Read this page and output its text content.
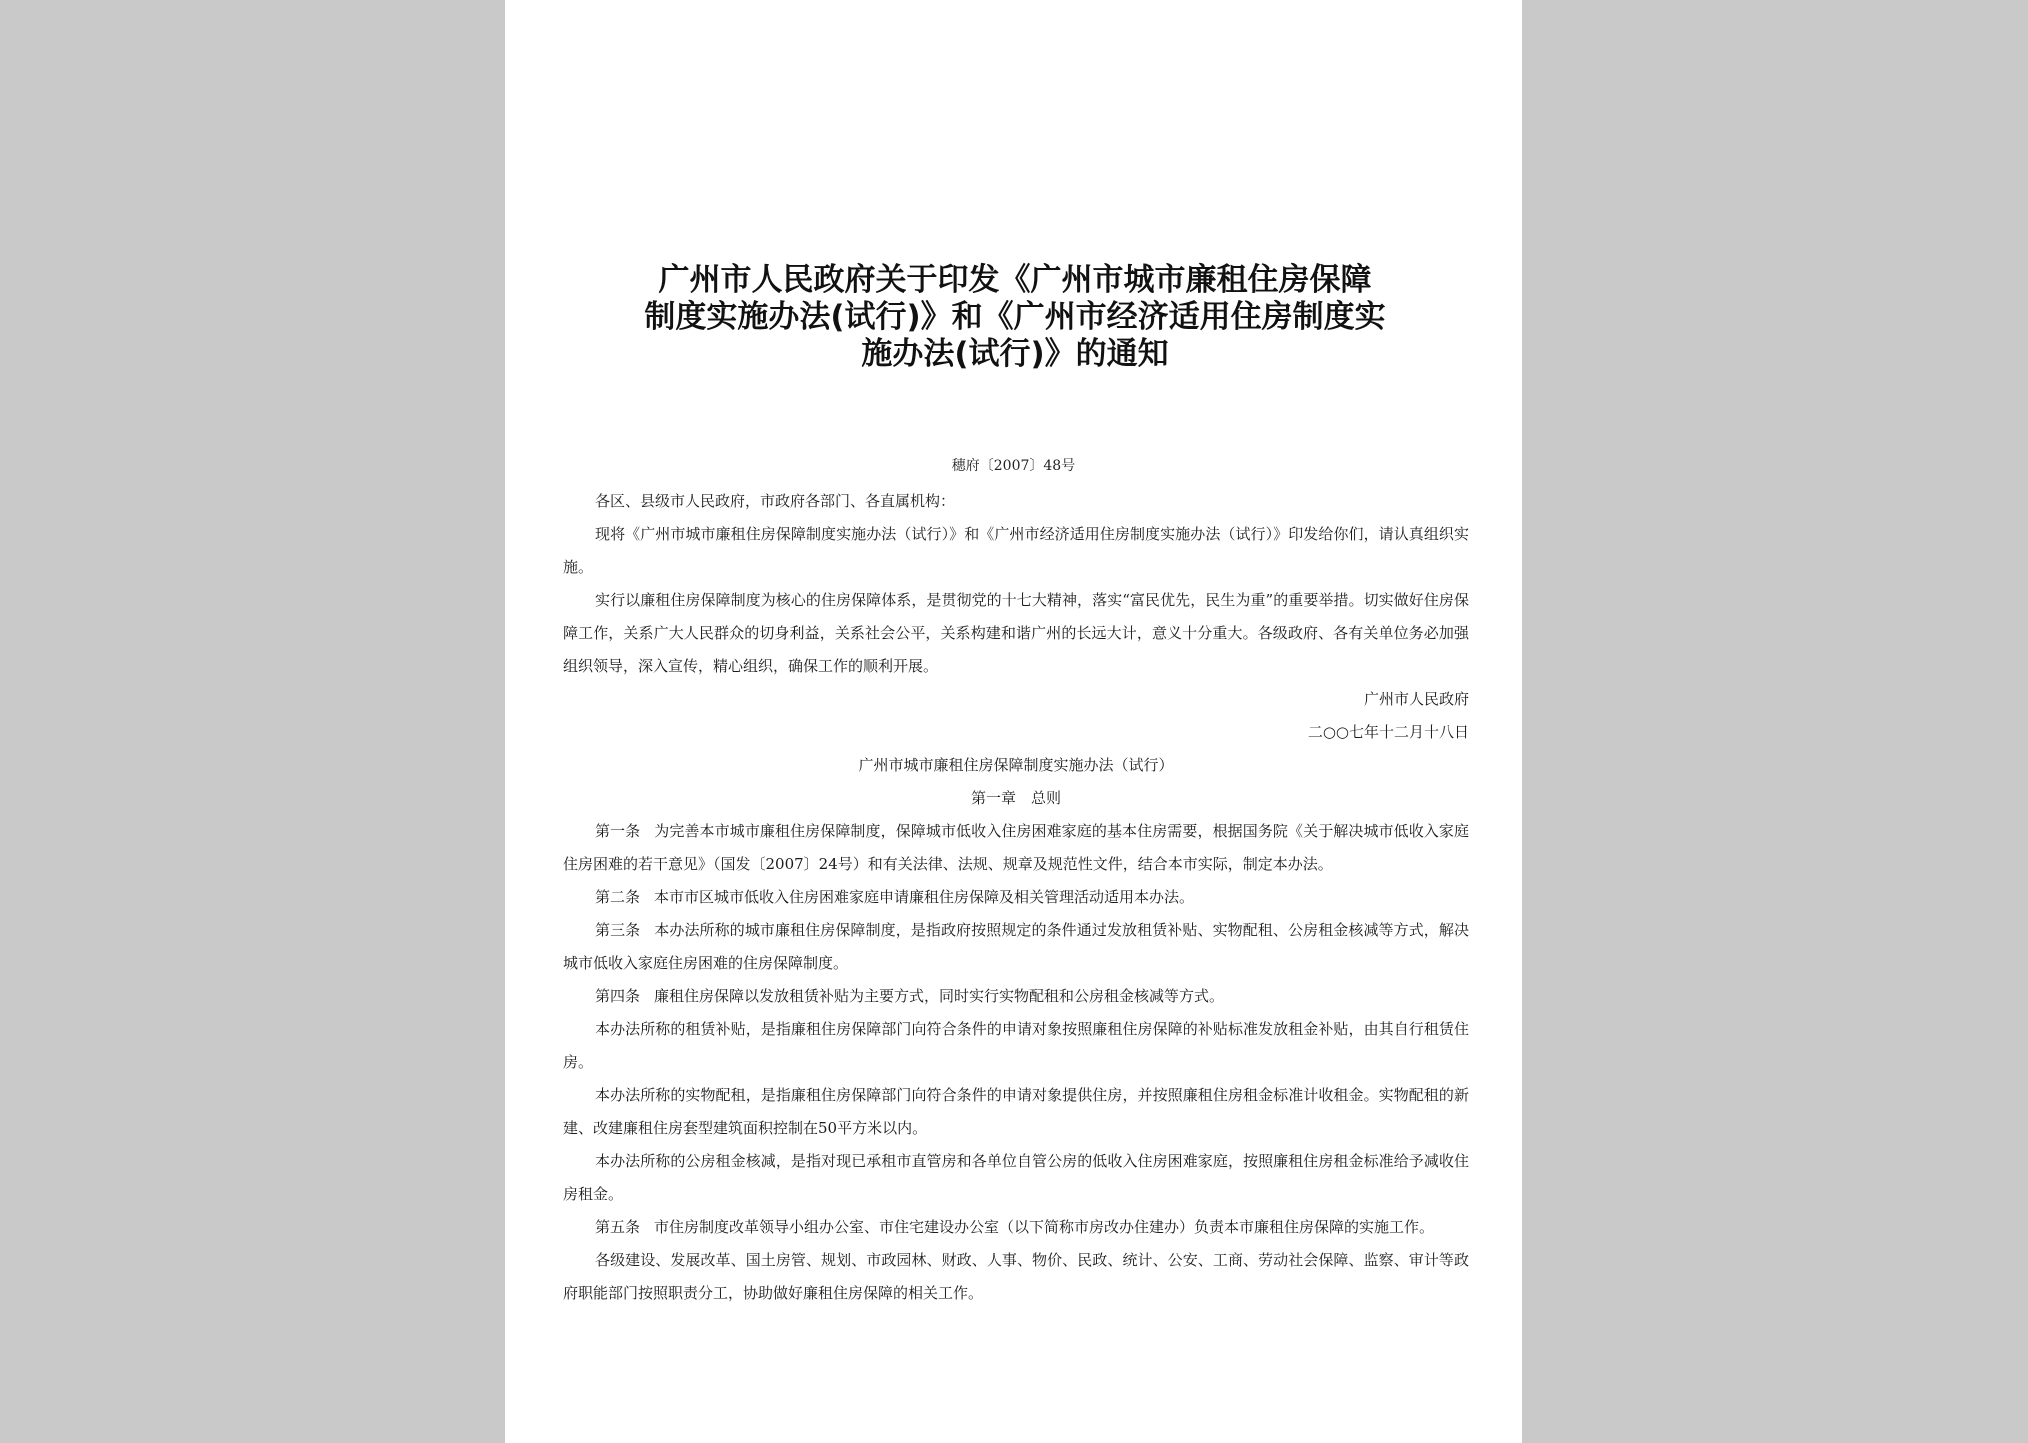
广州市人民政府关于印发《广州市城市廉租住房保障
制度实施办法(试行)》和《广州市经济适用住房制度实
施办法(试行)》的通知
穗府〔2007〕48号

各区、县级市人民政府，市政府各部门、各直属机构：

现将《广州市城市廉租住房保障制度实施办法（试行）》和《广州市经济适用住房制度实施办法（试行）》印发给你们，请认真组织实施。

实行以廉租住房保障制度为核心的住房保障体系，是贯彻党的十七大精神，落实“富民优先，民生为重”的重要举措。切实做好住房保障工作，关系广大人民群众的切身利益，关系社会公平，关系构建和谐广州的长远大计，意义十分重大。各级政府、各有关单位务必加强组织领导，深入宣传，精心组织，确保工作的顺利开展。

广州市人民政府

二○○七年十二月十八日

广州市城市廉租住房保障制度实施办法（试行）

第一章　总则

第一条 为完善本市城市廉租住房保障制度，保障城市低收入住房困难家庭的基本住房需要，根据国务院《关于解决城市低收入家庭住房困难的若干意见》（国发〔2007〕24号）和有关法律、法规、规章及规范性文件，结合本市实际，制定本办法。

第二条 本市市区城市低收入住房困难家庭申请廉租住房保障及相关管理活动适用本办法。

第三条 本办法所称的城市廉租住房保障制度，是指政府按照规定的条件通过发放租赁补贴、实物配租、公房租金核减等方式，解决城市低收入家庭住房困难的住房保障制度。

第四条 廉租住房保障以发放租赁补贴为主要方式，同时实行实物配租和公房租金核减等方式。

本办法所称的租赁补贴，是指廉租住房保障部门向符合条件的申请对象按照廉租住房保障的补贴标准发放租金补贴，由其自行租赁住房。

本办法所称的实物配租，是指廉租住房保障部门向符合条件的申请对象提供住房，并按照廉租住房租金标准计收租金。实物配租的新建、改建廉租住房套型建筑面积控制在50平方米以内。

本办法所称的公房租金核减，是指对现已承租市直管房和各单位自管公房的低收入住房困难家庭，按照廉租住房租金标准给予减收住房租金。

第五条 市住房制度改革领导小组办公室、市住宅建设办公室（以下简称市房改办住建办）负责本市廉租住房保障的实施工作。

各级建设、发展改革、国土房管、规划、市政园林、财政、人事、物价、民政、统计、公安、工商、劳动社会保障、监察、审计等政府职能部门按照职责分工，协助做好廉租住房保障的相关工作。
